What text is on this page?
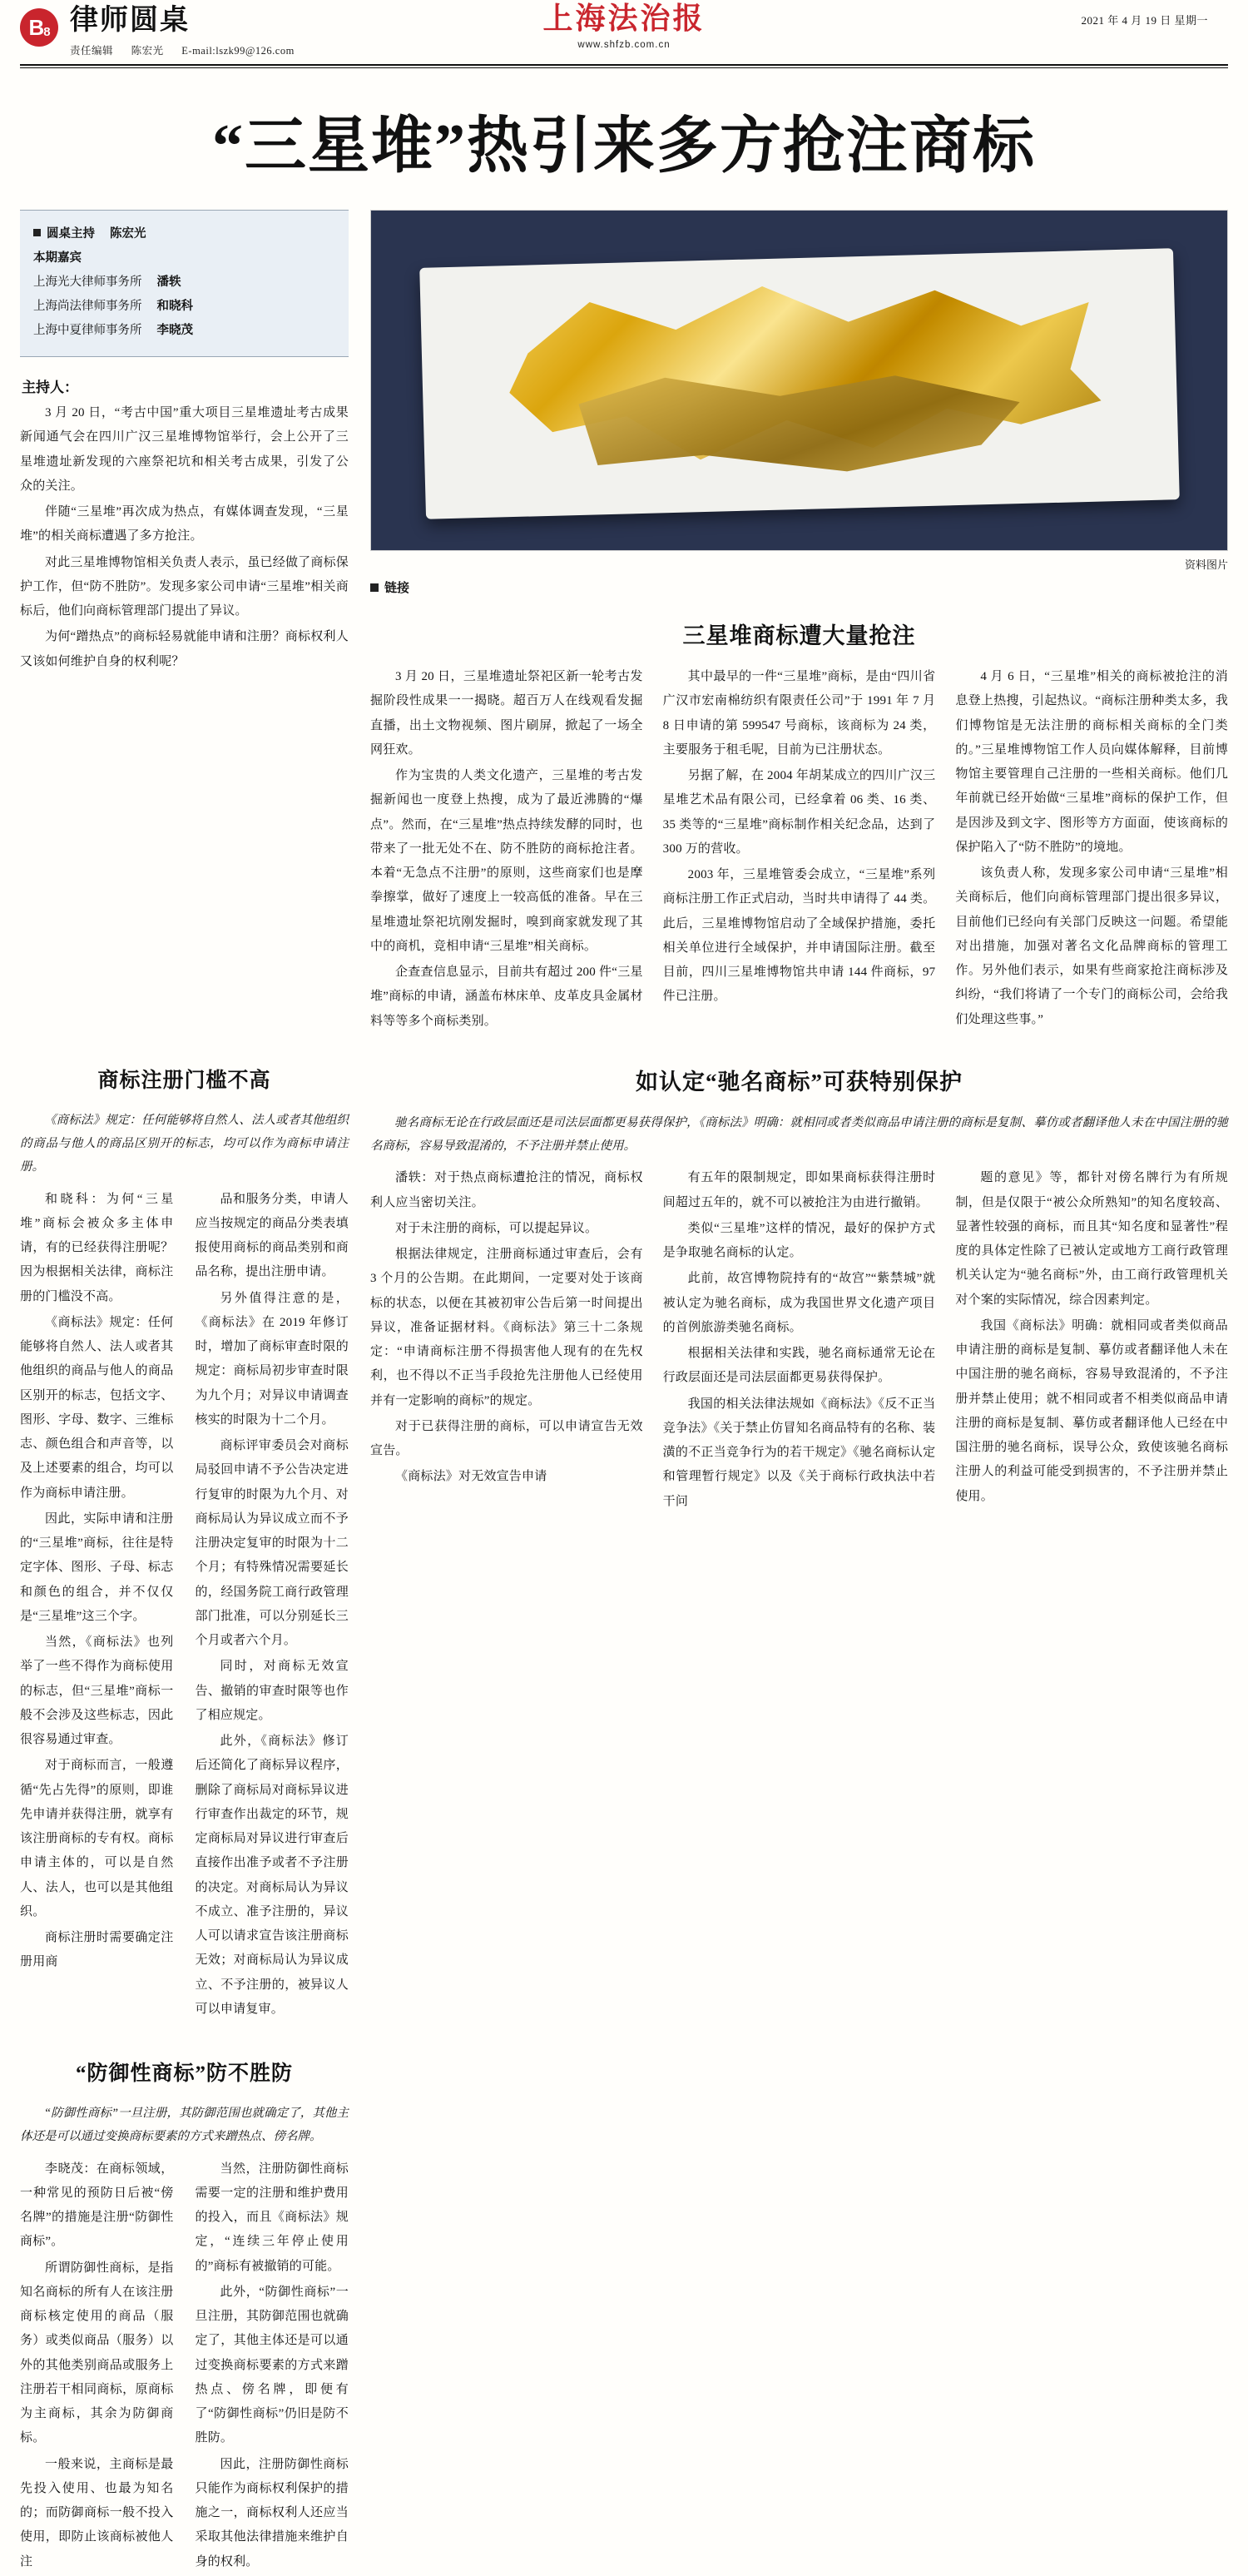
$B_8$ 律师圆桌
责任编辑 陈宏光 E-mail:lszk99@126.com
上海法治报
www.shfzb.com.cn
2021 年 4 月 19 日 星期一
“三星堆”热引来多方抢注商标
圆桌主持 陈宏光
本期嘉宾
上海光大律师事务所 潘轶
上海尚法律师事务所 和晓科
上海中夏律师事务所 李晓茂
主持人：

3 月 20 日，“考古中国”重大项目三星堆遗址考古成果新闻通气会在四川广汉三星堆博物馆举行，会上公开了三星堆遗址新发现的六座祭祀坑和相关考古成果，引发了公众的关注。

伴随“三星堆”再次成为热点，有媒体调查发现，“三星堆”的相关商标遭遇了多方抢注。

对此三星堆博物馆相关负责人表示，虽已经做了商标保护工作，但“防不胜防”。发现多家公司申请“三星堆”相关商标后，他们向商标管理部门提出了异议。

为何“蹭热点”的商标轻易就能申请和注册？商标权利人又该如何维护自身的权利呢？

资料图片
链接
三星堆商标遭大量抢注

3 月 20 日，三星堆遗址祭祀区新一轮考古发掘阶段性成果一一揭晓。超百万人在线观看发掘直播，出土文物视频、图片刷屏，掀起了一场全网狂欢。

作为宝贵的人类文化遗产，三星堆的考古发掘新闻也一度登上热搜，成为了最近沸腾的“爆点”。然而，在“三星堆”热点持续发酵的同时，也带来了一批无处不在、防不胜防的商标抢注者。本着“无急点不注册”的原则，这些商家们也是摩拳擦掌，做好了速度上一较高低的准备。早在三星堆遗址祭祀坑刚发掘时，嗅到商家就发现了其中的商机，竞相申请“三星堆”相关商标。

企查查信息显示，目前共有超过 200 件“三星堆”商标的申请，涵盖布林床单、皮革皮具金属材料等等多个商标类别。

其中最早的一件“三星堆”商标，是由“四川省广汉市宏南棉纺织有限责任公司”于 1991 年 7 月 8 日申请的第 599547 号商标，该商标为 24 类，主要服务于租毛呢，目前为已注册状态。

另据了解，在 2004 年胡某成立的四川广汉三星堆艺术品有限公司，已经拿着 06 类、16 类、35 类等的“三星堆”商标制作相关纪念品，达到了 300 万的营收。

2003 年，三星堆管委会成立，“三星堆”系列商标注册工作正式启动，当时共申请得了 44 类。此后，三星堆博物馆启动了全域保护措施，委托相关单位进行全域保护，并申请国际注册。截至目前，四川三星堆博物馆共申请 144 件商标，97 件已注册。

4 月 6 日，“三星堆”相关的商标被抢注的消息登上热搜，引起热议。“商标注册种类太多，我们博物馆是无法注册的商标相关商标的全门类的。”三星堆博物馆工作人员向媒体解释，目前博物馆主要管理自己注册的一些相关商标。他们几年前就已经开始做“三星堆”商标的保护工作，但是因涉及到文字、图形等方方面面，使该商标的保护陷入了“防不胜防”的境地。

该负责人称，发现多家公司申请“三星堆”相关商标后，他们向商标管理部门提出很多异议，目前他们已经向有关部门反映这一问题。希望能对出措施，加强对著名文化品牌商标的管理工作。另外他们表示，如果有些商家抢注商标涉及纠纷，“我们将请了一个专门的商标公司，会给我们处理这些事。”

商标注册门槛不高

《商标法》规定：任何能够将自然人、法人或者其他组织的商品与他人的商品区别开的标志，均可以作为商标申请注册。

和晓科：为何“三星堆”商标会被众多主体申请，有的已经获得注册呢？因为根据相关法律，商标注册的门槛没不高。

《商标法》规定：任何能够将自然人、法人或者其他组织的商品与他人的商品区别开的标志，包括文字、图形、字母、数字、三维标志、颜色组合和声音等，以及上述要素的组合，均可以作为商标申请注册。

因此，实际申请和注册的“三星堆”商标，往往是特定字体、图形、子母、标志和颜色的组合，并不仅仅是“三星堆”这三个字。

当然，《商标法》也列举了一些不得作为商标使用的标志，但“三星堆”商标一般不会涉及这些标志，因此很容易通过审查。

对于商标而言，一般遵循“先占先得”的原则，即谁先申请并获得注册，就享有该注册商标的专有权。商标申请主体的，可以是自然人、法人，也可以是其他组织。

商标注册时需要确定注册用商

品和服务分类，申请人应当按规定的商品分类表填报使用商标的商品类别和商品名称，提出注册申请。

另外值得注意的是，《商标法》在 2019 年修订时，增加了商标审查时限的规定：商标局初步审查时限为九个月；对异议申请调查核实的时限为十二个月。

商标评审委员会对商标局驳回申请不予公告决定进行复审的时限为九个月、对商标局认为异议成立而不予注册决定复审的时限为十二个月；有特殊情况需要延长的，经国务院工商行政管理部门批准，可以分别延长三个月或者六个月。

同时，对商标无效宣告、撤销的审查时限等也作了相应规定。

此外，《商标法》修订后还简化了商标异议程序，删除了商标局对商标异议进行审查作出裁定的环节，规定商标局对异议进行审查后直接作出准予或者不予注册的决定。对商标局认为异议不成立、准予注册的，异议人可以请求宣告该注册商标无效；对商标局认为异议成立、不予注册的，被异议人可以申请复审。

如认定“驰名商标”可获特别保护

驰名商标无论在行政层面还是司法层面都更易获得保护，《商标法》明确：就相同或者类似商品申请注册的商标是复制、摹仿或者翻译他人未在中国注册的驰名商标，容易导致混淆的，不予注册并禁止使用。

潘轶：对于热点商标遭抢注的情况，商标权利人应当密切关注。

对于未注册的商标，可以提起异议。

根据法律规定，注册商标通过审查后，会有 3 个月的公告期。在此期间，一定要对处于该商标的状态，以便在其被初审公告后第一时间提出异议，准备证据材料。《商标法》第三十二条规定：“申请商标注册不得损害他人现有的在先权利，也不得以不正当手段抢先注册他人已经使用并有一定影响的商标”的规定。

对于已获得注册的商标，可以申请宣告无效宣告。

《商标法》对无效宣告申请

有五年的限制规定，即如果商标获得注册时间超过五年的，就不可以被抢注为由进行撤销。

类似“三星堆”这样的情况，最好的保护方式是争取驰名商标的认定。

此前，故宫博物院持有的“故宫”“紫禁城”就被认定为驰名商标，成为我国世界文化遗产项目的首例旅游类驰名商标。

根据相关法律和实践，驰名商标通常无论在行政层面还是司法层面都更易获得保护。

我国的相关法律法规如《商标法》《反不正当竞争法》《关于禁止仿冒知名商品特有的名称、装潢的不正当竞争行为的若干规定》《驰名商标认定和管理暂行规定》以及《关于商标行政执法中若干问

题的意见》等，都针对傍名牌行为有所规制，但是仅限于“被公众所熟知”的知名度较高、显著性较强的商标，而且其“知名度和显著性”程度的具体定性除了已被认定或地方工商行政管理机关认定为“驰名商标”外，由工商行政管理机关对个案的实际情况，综合因素判定。

我国《商标法》明确：就相同或者类似商品申请注册的商标是复制、摹仿或者翻译他人未在中国注册的驰名商标，容易导致混淆的，不予注册并禁止使用；就不相同或者不相类似商品申请注册的商标是复制、摹仿或者翻译他人已经在中国注册的驰名商标，误导公众，致使该驰名商标注册人的利益可能受到损害的，不予注册并禁止使用。

“防御性商标”防不胜防

“防御性商标”一旦注册，其防御范围也就确定了，其他主体还是可以通过变换商标要素的方式来蹭热点、傍名牌。

李晓茂：在商标领域，一种常见的预防日后被“傍名牌”的措施是注册“防御性商标”。

所谓防御性商标，是指知名商标的所有人在该注册商标核定使用的商品（服务）或类似商品（服务）以外的其他类别商品或服务上注册若干相同商标，原商标为主商标，其余为防御商标。

一般来说，主商标是最先投入使用、也最为知名的；而防御商标一般不投入使用，即防止该商标被他人注

当然，注册防御性商标需要一定的注册和维护费用的投入，而且《商标法》规定，“连续三年停止使用的”商标有被撤销的可能。

此外，“防御性商标”一旦注册，其防御范围也就确定了，其他主体还是可以通过变换商标要素的方式来蹭热点、傍名牌，即便有了“防御性商标”仍旧是防不胜防。

因此，注册防御性商标只能作为商标权利保护的措施之一，商标权利人还应当采取其他法律措施来维护自身的权利。
